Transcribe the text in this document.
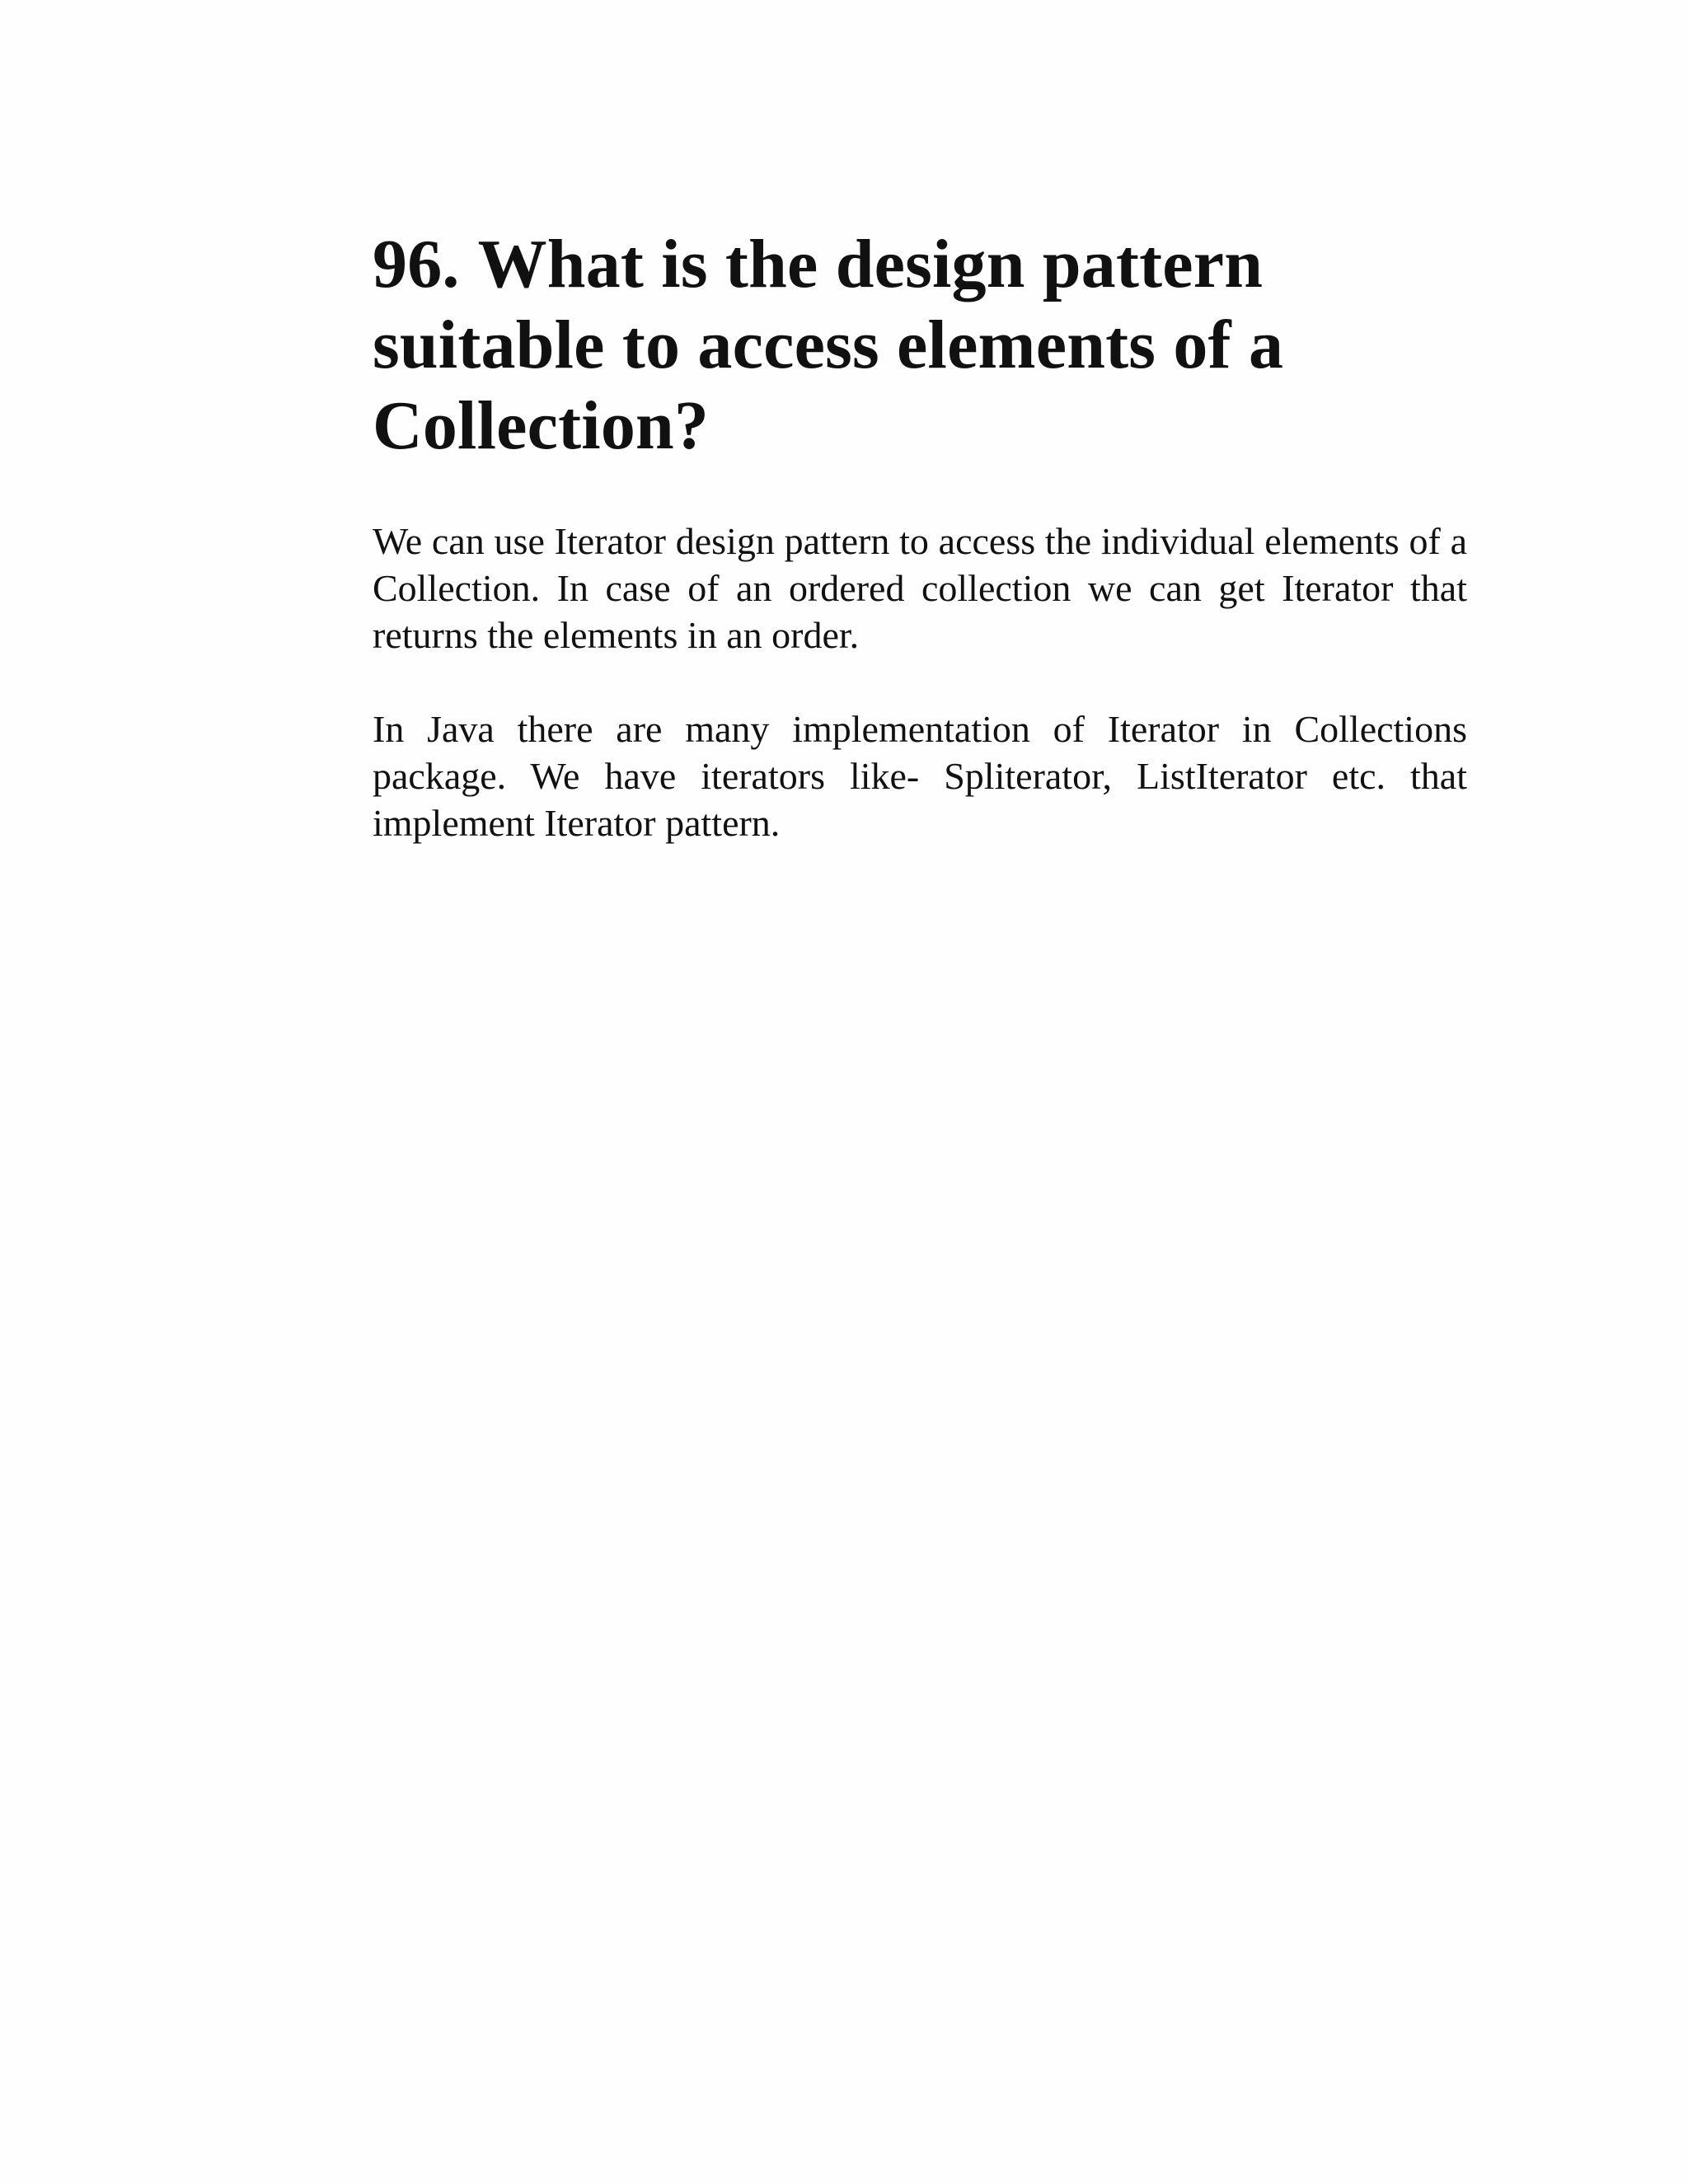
96. What is the design pattern suitable to access elements of a Collection?

We can use Iterator design pattern to access the individual elements of a Collection. In case of an ordered collection we can get Iterator that returns the elements in an order.

In Java there are many implementation of Iterator in Collections package. We have iterators like- Spliterator, ListIterator etc. that implement Iterator pattern.
